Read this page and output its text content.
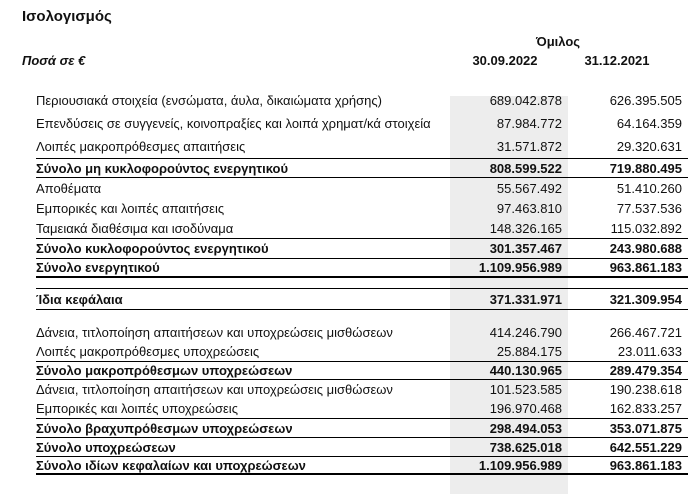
Ισολογισμός
Όμιλος
Ποσά σε €	30.09.2022	31.12.2021
Περιουσιακά στοιχεία (ενσώματα, άυλα, δικαιώματα χρήσης)	689.042.878	626.395.505
Επενδύσεις σε συγγενείς, κοινοπραξίες και λοιπά χρηματ/κά στοιχεία	87.984.772	64.164.359
Λοιπές μακροπρόθεσμες απαιτήσεις	31.571.872	29.320.631
Σύνολο μη κυκλοφορούντος ενεργητικού	808.599.522	719.880.495
Αποθέματα	55.567.492	51.410.260
Εμπορικές και λοιπές απαιτήσεις	97.463.810	77.537.536
Ταμειακά διαθέσιμα και ισοδύναμα	148.326.165	115.032.892
Σύνολο κυκλοφορούντος ενεργητικού	301.357.467	243.980.688
Σύνολο ενεργητικού	1.109.956.989	963.861.183
Ίδια κεφάλαια	371.331.971	321.309.954
Δάνεια, τιτλοποίηση απαιτήσεων και υποχρεώσεις μισθώσεων	414.246.790	266.467.721
Λοιπές μακροπρόθεσμες υποχρεώσεις	25.884.175	23.011.633
Σύνολο μακροπρόθεσμων υποχρεώσεων	440.130.965	289.479.354
Δάνεια, τιτλοποίηση απαιτήσεων και υποχρεώσεις μισθώσεων	101.523.585	190.238.618
Εμπορικές και λοιπές υποχρεώσεις	196.970.468	162.833.257
Σύνολο βραχυπρόθεσμων υποχρεώσεων	298.494.053	353.071.875
Σύνολο υποχρεώσεων	738.625.018	642.551.229
Σύνολο ιδίων κεφαλαίων και υποχρεώσεων	1.109.956.989	963.861.183
